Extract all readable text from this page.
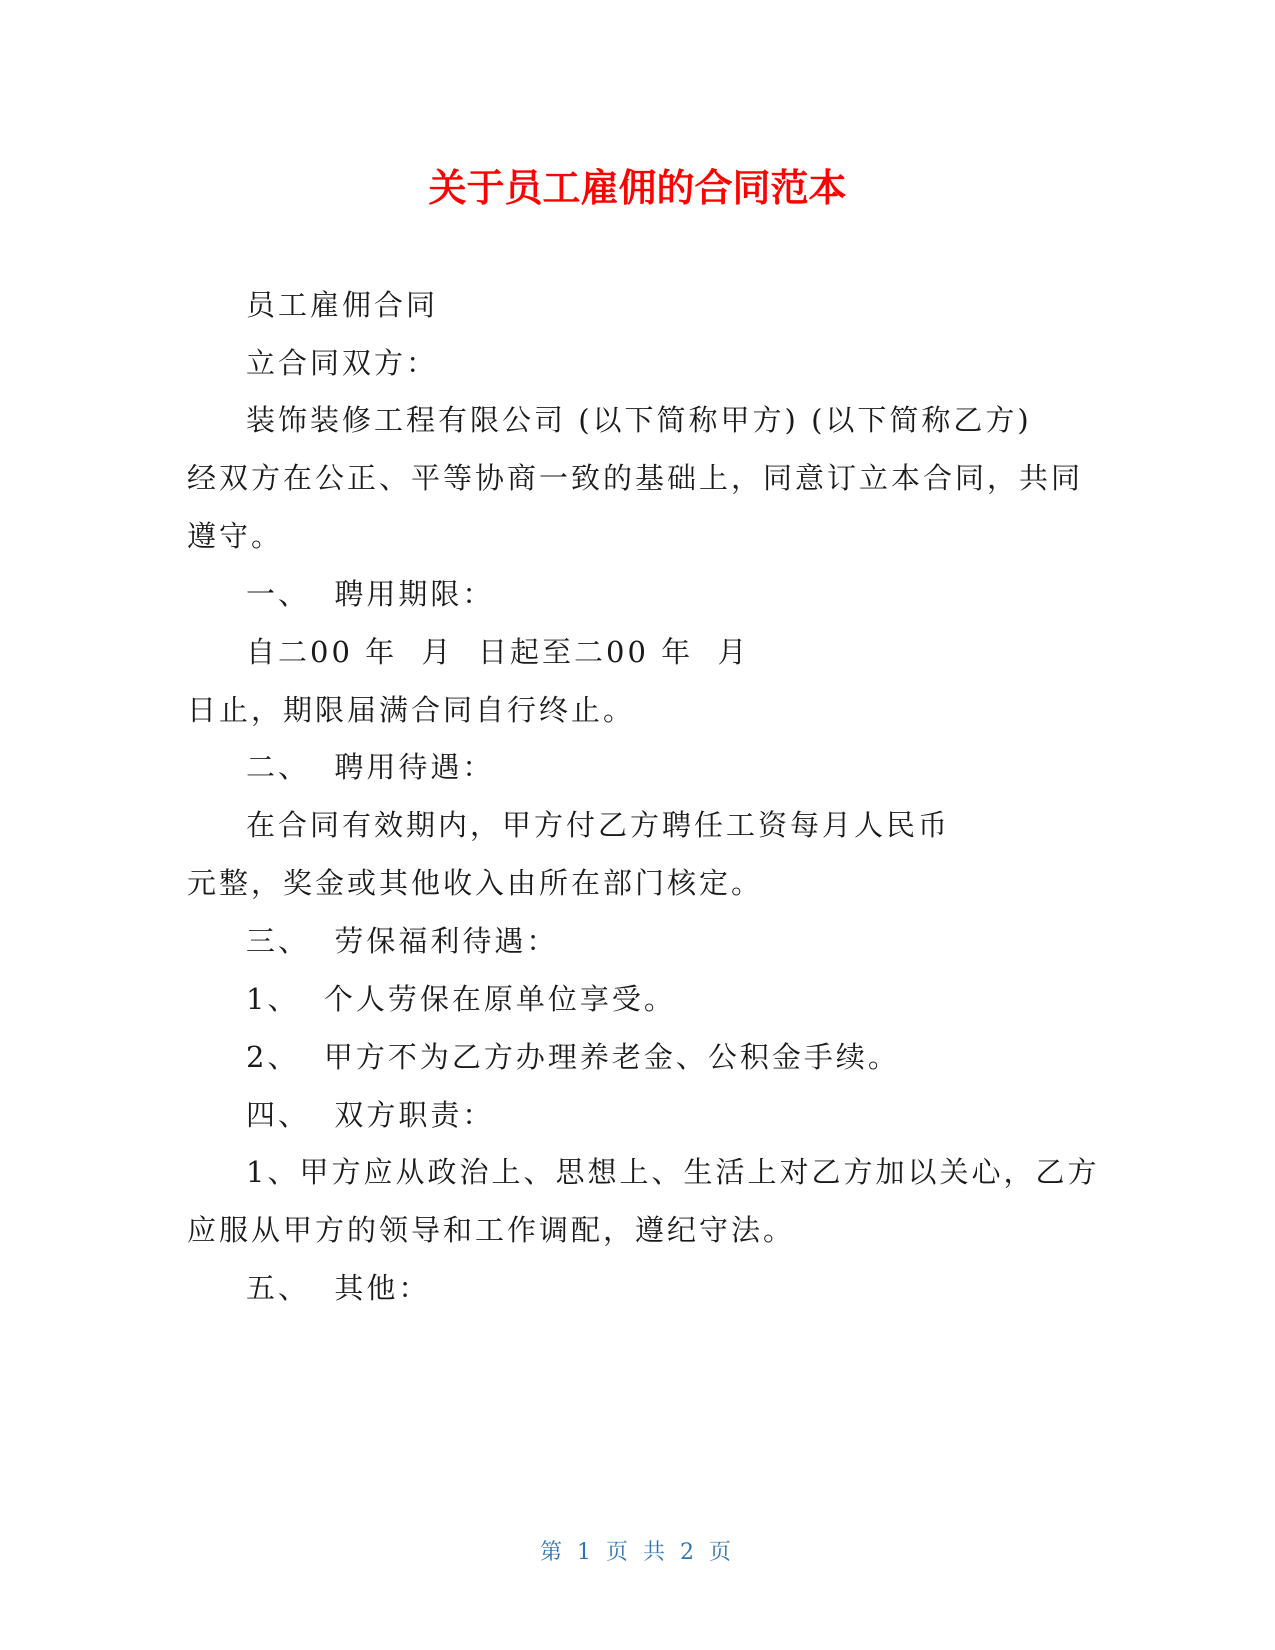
关于员工雇佣的合同范本
员工雇佣合同
立合同双方：
装饰装修工程有限公司 (以下简称甲方) (以下简称乙方)
经双方在公正、平等协商一致的基础上，同意订立本合同，共同
遵守。
一、  聘用期限：
自二00 年  月  日起至二00 年  月
日止，期限届满合同自行终止。
二、  聘用待遇：
在合同有效期内，甲方付乙方聘任工资每月人民币
元整，奖金或其他收入由所在部门核定。
三、  劳保福利待遇：
1、  个人劳保在原单位享受。
2、  甲方不为乙方办理养老金、公积金手续。
四、  双方职责：
1、甲方应从政治上、思想上、生活上对乙方加以关心，乙方
应服从甲方的领导和工作调配，遵纪守法。
五、  其他：
第 1 页 共 2 页
